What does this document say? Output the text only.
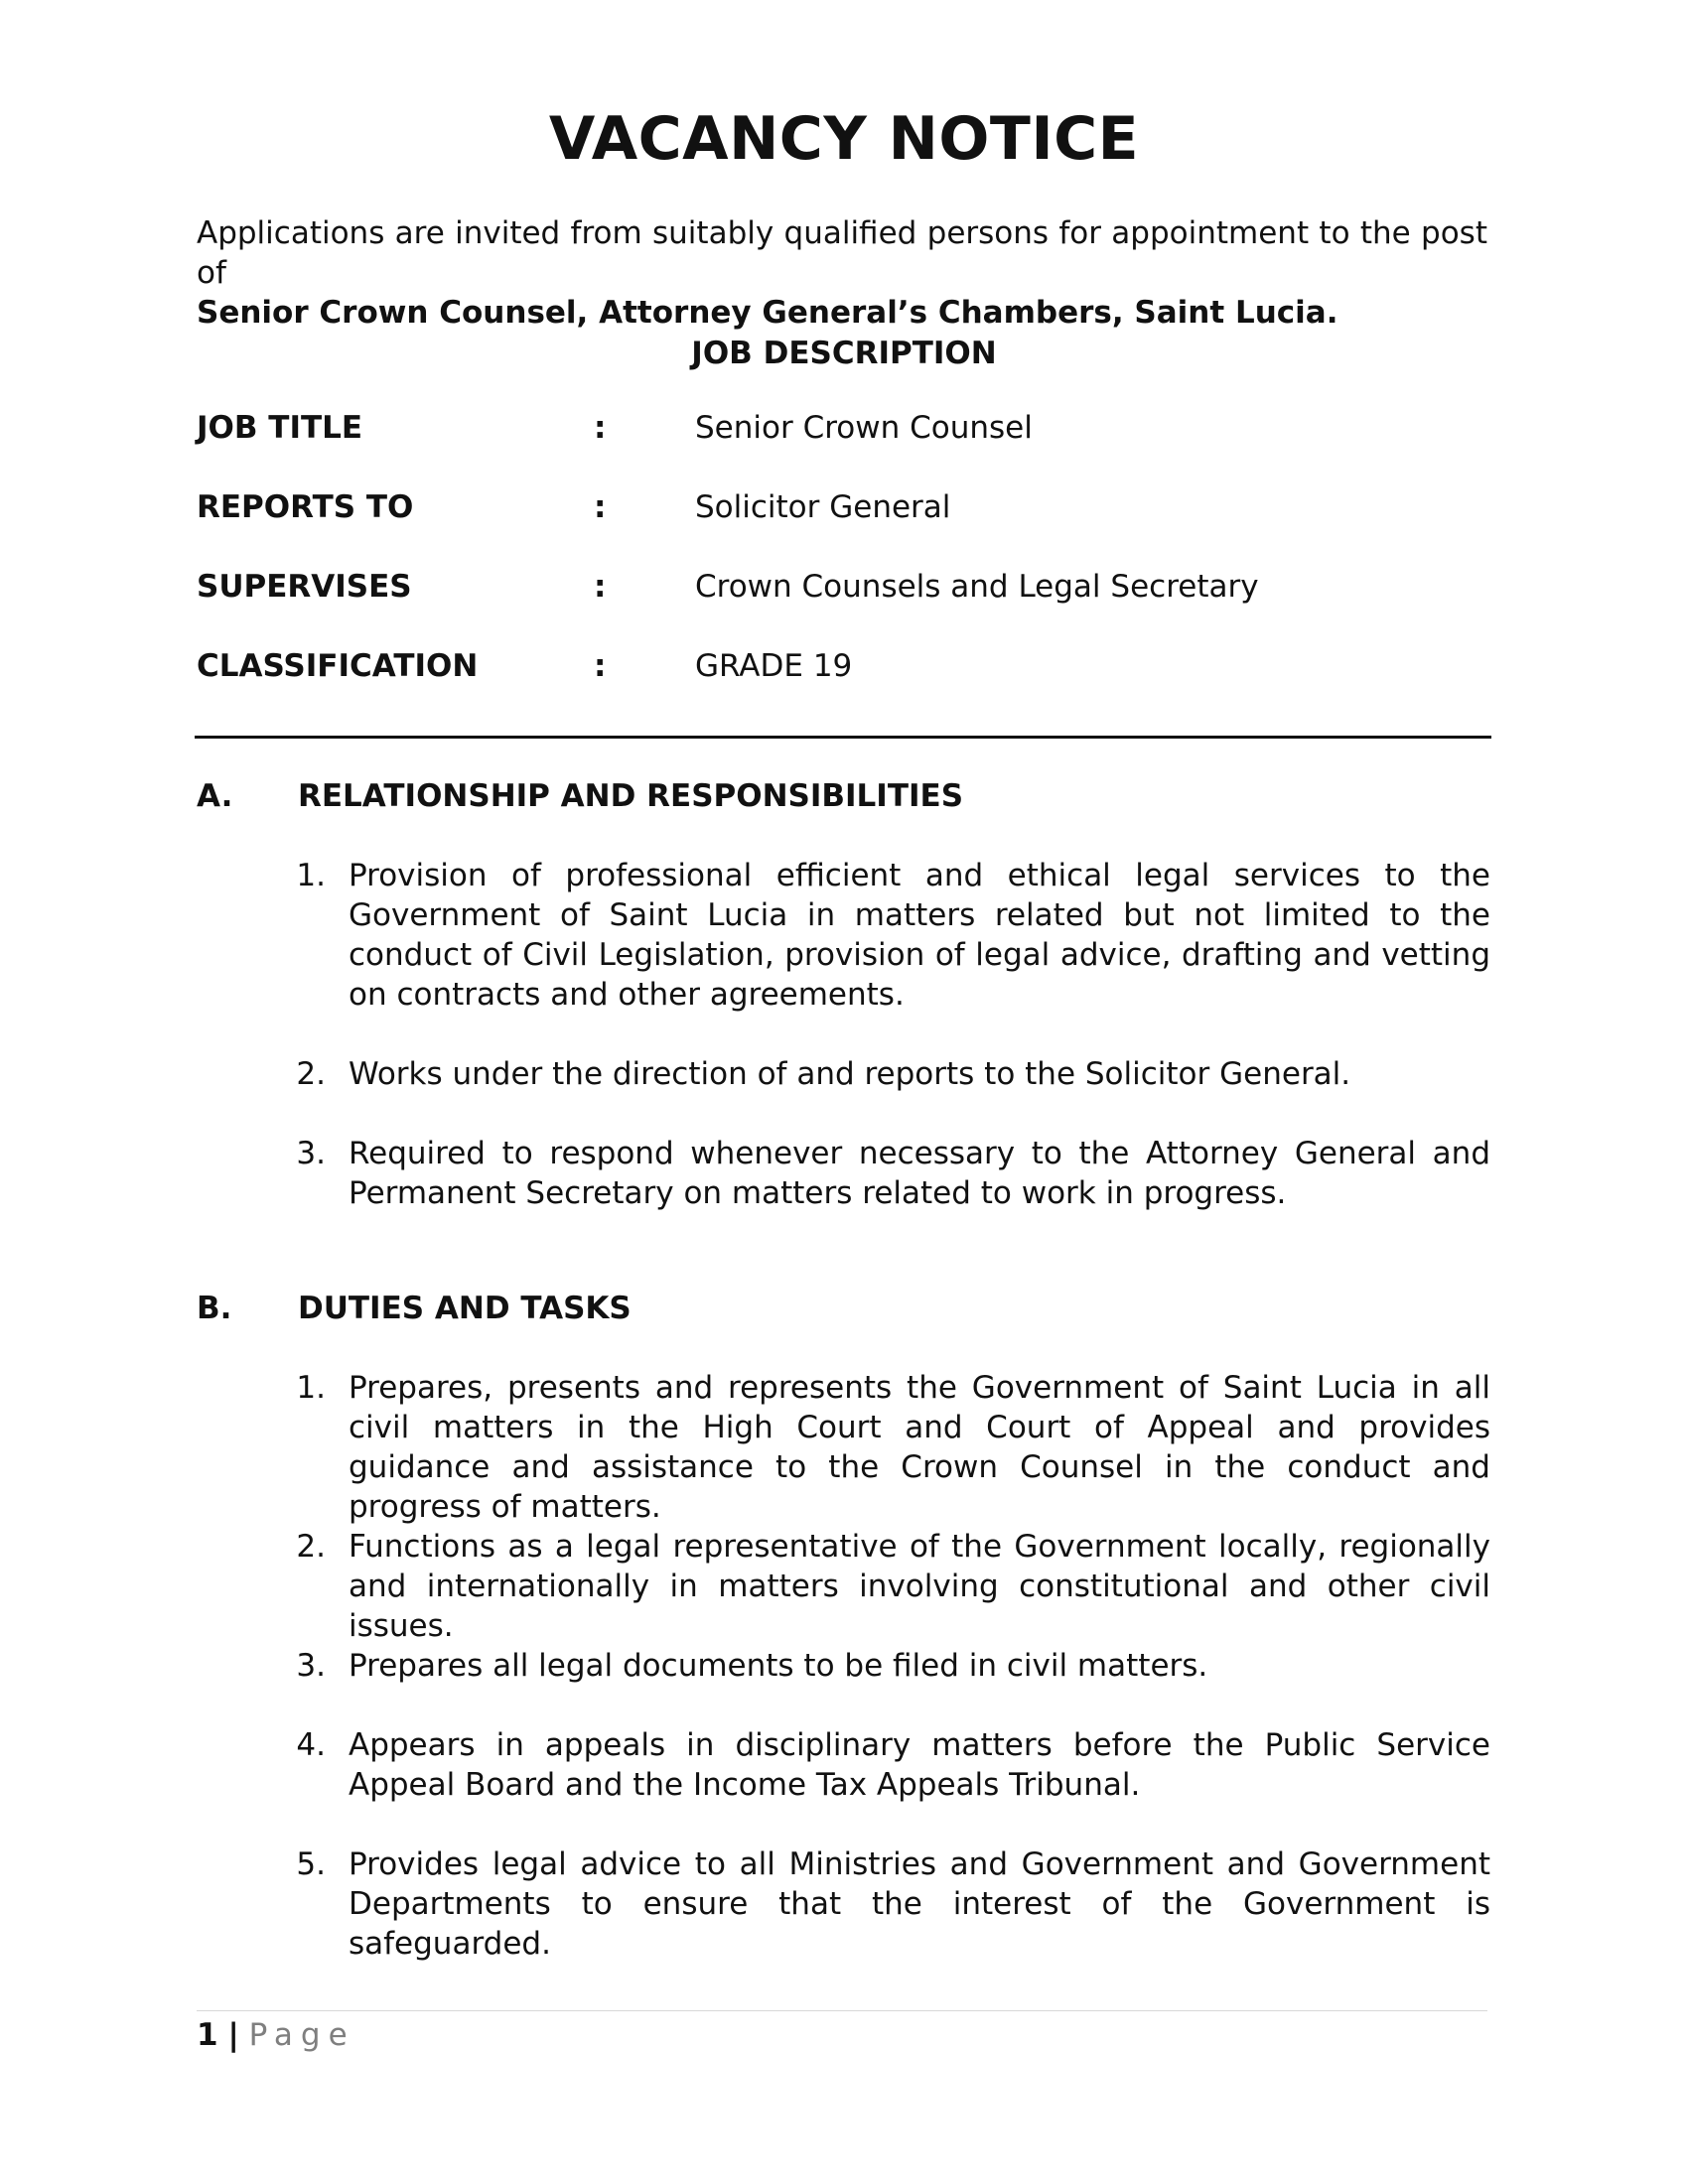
VACANCY NOTICE
Applications are invited from suitably qualified persons for appointment to the post of
Senior Crown Counsel, Attorney General’s Chambers, Saint Lucia.
JOB DESCRIPTION
JOB TITLE	:	Senior Crown Counsel
REPORTS TO	:	Solicitor General
SUPERVISES	:	Crown Counsels and Legal Secretary
CLASSIFICATION	:	GRADE 19
A. RELATIONSHIP AND RESPONSIBILITIES
1. Provision of professional efficient and ethical legal services to the Government of Saint Lucia in matters related but not limited to the conduct of Civil Legislation, provision of legal advice, drafting and vetting on contracts and other agreements.
2. Works under the direction of and reports to the Solicitor General.
3. Required to respond whenever necessary to the Attorney General and Permanent Secretary on matters related to work in progress.
B. DUTIES AND TASKS
1. Prepares, presents and represents the Government of Saint Lucia in all civil matters in the High Court and Court of Appeal and provides guidance and assistance to the Crown Counsel in the conduct and progress of matters.
2. Functions as a legal representative of the Government locally, regionally and internationally in matters involving constitutional and other civil issues.
3. Prepares all legal documents to be filed in civil matters.
4. Appears in appeals in disciplinary matters before the Public Service Appeal Board and the Income Tax Appeals Tribunal.
5. Provides legal advice to all Ministries and Government and Government Departments to ensure that the interest of the Government is safeguarded.
1 | Page
